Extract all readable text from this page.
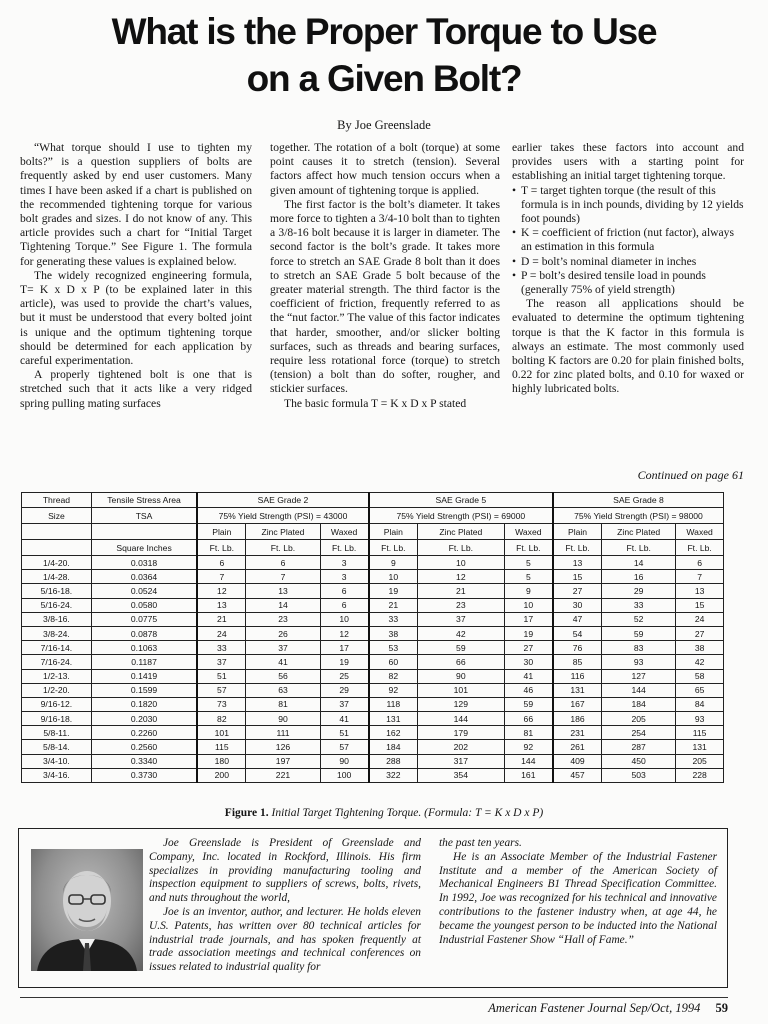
What is the Proper Torque to Use
on a Given Bolt?
By Joe Greenslade

“What torque should I use to tighten my bolts?” is a question suppliers of bolts are frequently asked by end user customers. Many times I have been asked if a chart is published on the recommended tightening torque for various bolt grades and sizes. I do not know of any. This article provides such a chart for “Initial Target Tightening Torque.” See Figure 1. The formula for generating these values is explained below.

The widely recognized engineering formula, T= K x D x P (to be explained later in this article), was used to provide the chart’s values, but it must be understood that every bolted joint is unique and the optimum tightening torque should be determined for each application by careful experimentation.

A properly tightened bolt is one that is stretched such that it acts like a very ridged spring pulling mating surfaces

together. The rotation of a bolt (torque) at some point causes it to stretch (tension). Several factors affect how much tension occurs when a given amount of tightening torque is applied.

The first factor is the bolt’s diameter. It takes more force to tighten a 3/4-10 bolt than to tighten a 3/8-16 bolt because it is larger in diameter. The second factor is the bolt’s grade. It takes more force to stretch an SAE Grade 8 bolt than it does to stretch an SAE Grade 5 bolt because of the greater material strength. The third factor is the coefficient of friction, frequently referred to as the “nut factor.” The value of this factor indicates that harder, smoother, and/or slicker bolting surfaces, such as threads and bearing surfaces, require less rotational force (torque) to stretch (tension) a bolt than do softer, rougher, and stickier surfaces.

The basic formula T = K x D x P stated

earlier takes these factors into account and provides users with a starting point for establishing an initial target tightening torque.

• T = target tighten torque (the result of this formula is in inch pounds, dividing by 12 yields foot pounds)
• K = coefficient of friction (nut factor), always an estimation in this formula
• D = bolt’s nominal diameter in inches
• P = bolt’s desired tensile load in pounds (generally 75% of yield strength)

The reason all applications should be evaluated to determine the optimum tightening torque is that the K factor in this formula is always an estimate. The most commonly used bolting K factors are 0.20 for plain finished bolts, 0.22 for zinc plated bolts, and 0.10 for waxed or highly lubricated bolts.

Continued on page 61
Thread	Tensile Stress Area	SAE Grade 2			SAE Grade 5			SAE Grade 8		
Size	TSA	75% Yield Strength (PSI) = 43000			75% Yield Strength (PSI) = 69000			75% Yield Strength (PSI) = 98000		
		Plain	Zinc Plated	Waxed	Plain	Zinc Plated	Waxed	Plain	Zinc Plated	Waxed
	Square Inches	Ft. Lb.	Ft. Lb.	Ft. Lb.	Ft. Lb.	Ft. Lb.	Ft. Lb.	Ft. Lb.	Ft. Lb.	Ft. Lb.
1/4-20.	0.0318	6	6	3	9	10	5	13	14	6
1/4-28.	0.0364	7	7	3	10	12	5	15	16	7
5/16-18.	0.0524	12	13	6	19	21	9	27	29	13
5/16-24.	0.0580	13	14	6	21	23	10	30	33	15
3/8-16.	0.0775	21	23	10	33	37	17	47	52	24
3/8-24.	0.0878	24	26	12	38	42	19	54	59	27
7/16-14.	0.1063	33	37	17	53	59	27	76	83	38
7/16-24.	0.1187	37	41	19	60	66	30	85	93	42
1/2-13.	0.1419	51	56	25	82	90	41	116	127	58
1/2-20.	0.1599	57	63	29	92	101	46	131	144	65
9/16-12.	0.1820	73	81	37	118	129	59	167	184	84
9/16-18.	0.2030	82	90	41	131	144	66	186	205	93
5/8-11.	0.2260	101	111	51	162	179	81	231	254	115
5/8-14.	0.2560	115	126	57	184	202	92	261	287	131
3/4-10.	0.3340	180	197	90	288	317	144	409	450	205
3/4-16.	0.3730	200	221	100	322	354	161	457	503	228
Figure 1. Initial Target Tightening Torque. (Formula: T = K x D x P)

Joe Greenslade is President of Greenslade and Company, Inc. located in Rockford, Illinois. His firm specializes in providing manufacturing tooling and inspection equipment to suppliers of screws, bolts, rivets, and nuts throughout the world,

Joe is an inventor, author, and lecturer. He holds eleven U.S. Patents, has written over 80 technical articles for industrial trade journals, and has spoken frequently at trade association meetings and technical conferences on issues related to industrial quality for

the past ten years.

He is an Associate Member of the Industrial Fastener Institute and a member of the American Society of Mechanical Engineers B1 Thread Specification Committee. In 1992, Joe was recognized for his technical and innovative contributions to the fastener industry when, at age 44, he became the youngest person to be inducted into the National Industrial Fastener Show “Hall of Fame.”

American Fastener Journal Sep/Oct, 1994 59
